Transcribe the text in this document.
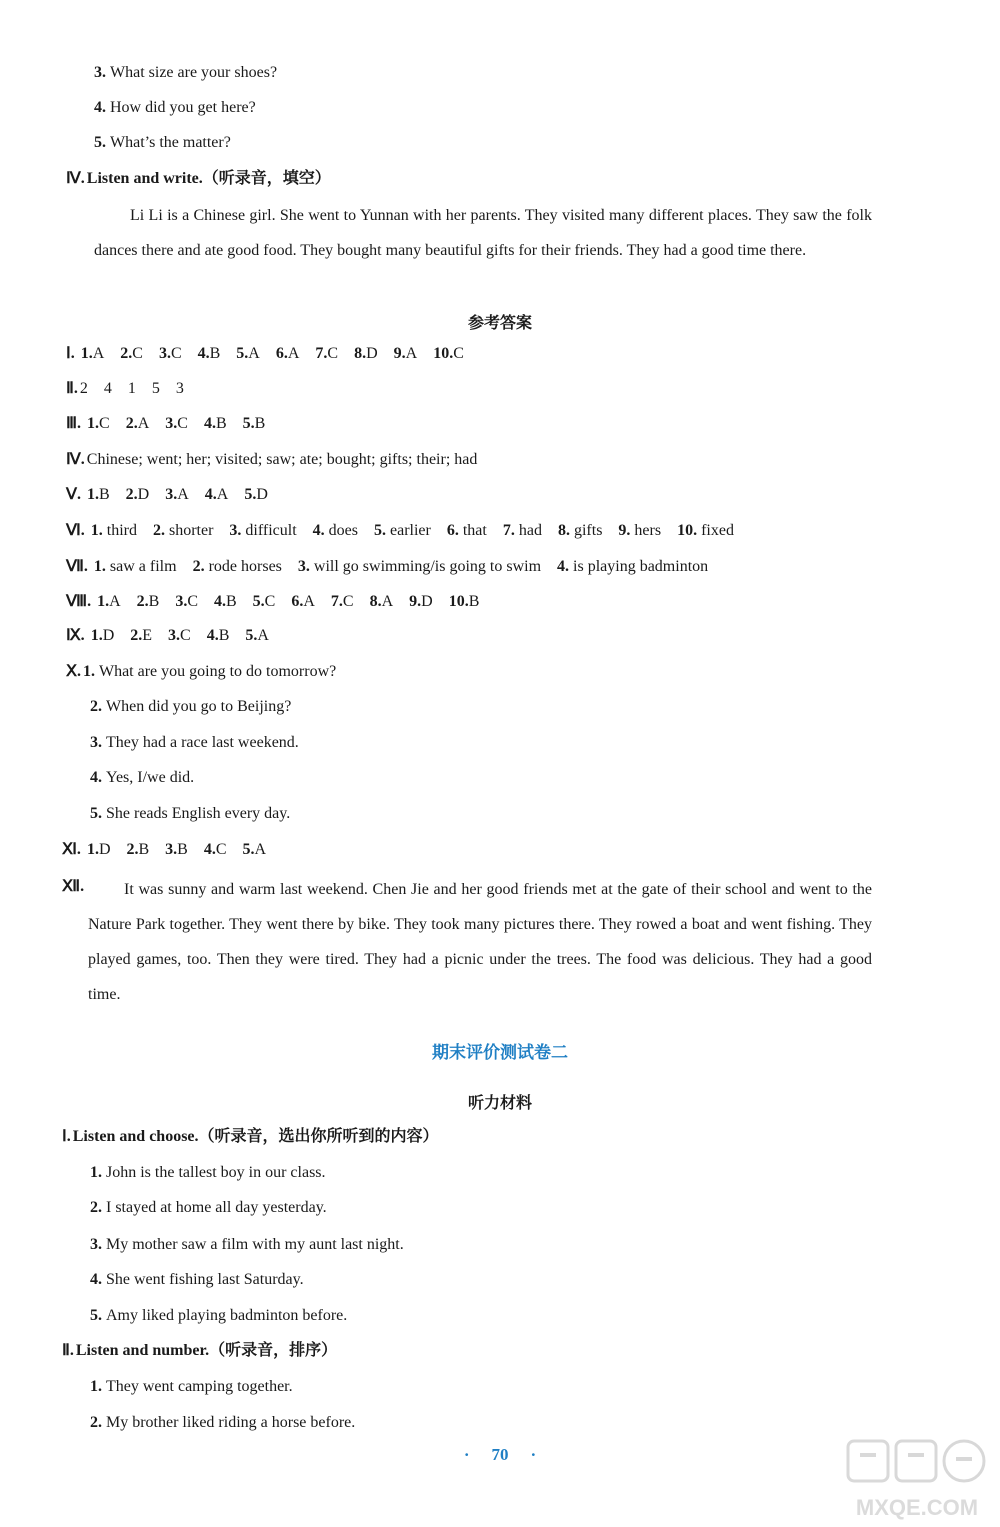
3. What size are your shoes?
4. How did you get here?
5. What’s the matter?
Ⅳ. Listen and write.（听录音，填空）
Li Li is a Chinese girl. She went to Yunnan with her parents. They visited many different places. They saw the folk dances there and ate good food. They bought many beautiful gifts for their friends. They had a good time there.
参考答案
Ⅰ. 1.A 2.C 3.C 4.B 5.A 6.A 7.C 8.D 9.A 10.C
Ⅱ. 2　4　1　5　3
Ⅲ. 1.C 2.A 3.C 4.B 5.B
Ⅳ. Chinese; went; her; visited; saw; ate; bought; gifts; their; had
Ⅴ. 1.B 2.D 3.A 4.A 5.D
Ⅵ. 1. third 2. shorter 3. difficult 4. does 5. earlier 6. that 7. had 8. gifts 9. hers 10. fixed
Ⅶ. 1. saw a film 2. rode horses 3. will go swimming/is going to swim 4. is playing badminton
Ⅷ. 1.A 2.B 3.C 4.B 5.C 6.A 7.C 8.A 9.D 10.B
Ⅸ. 1.D 2.E 3.C 4.B 5.A
Ⅹ. 1. What are you going to do tomorrow?
2. When did you go to Beijing?
3. They had a race last weekend.
4. Yes, I/we did.
5. She reads English every day.
Ⅺ. 1.D 2.B 3.B 4.C 5.A
Ⅻ.	It was sunny and warm last weekend. Chen Jie and her good friends met at the gate of their school and went to the Nature Park together. They went there by bike. They took many pictures there. They rowed a boat and went fishing. They played games, too. Then they were tired. They had a picnic under the trees. The food was delicious. They had a good time.
期末评价测试卷二
听力材料
Ⅰ. Listen and choose.（听录音，选出你所听到的内容）
1. John is the tallest boy in our class.
2. I stayed at home all day yesterday.
3. My mother saw a film with my aunt last night.
4. She went fishing last Saturday.
5. Amy liked playing badminton before.
Ⅱ. Listen and number.（听录音，排序）
1. They went camping together.
2. My brother liked riding a horse before.
· 70 ·
MXQE.COM
